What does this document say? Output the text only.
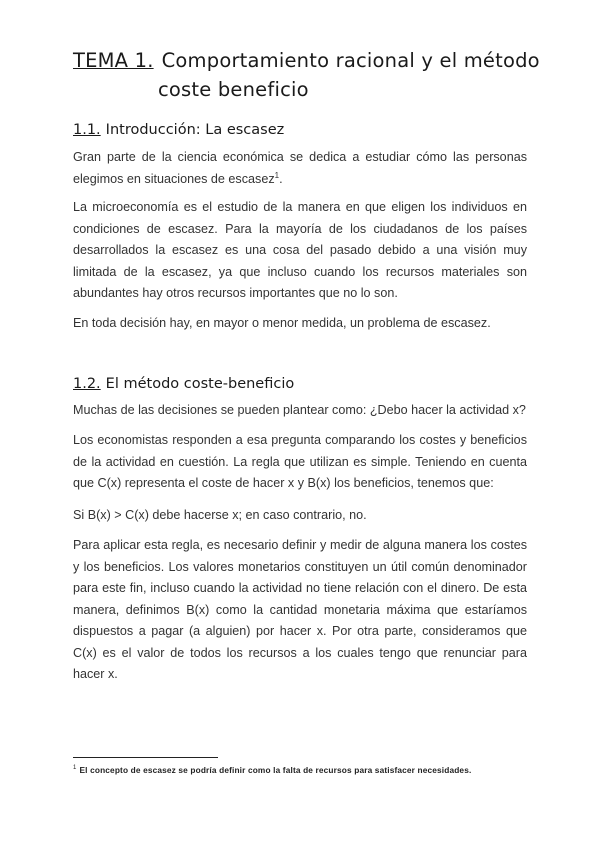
TEMA 1. Comportamiento racional y el método
coste beneficio
1.1. Introducción: La escasez

Gran parte de la ciencia económica se dedica a estudiar cómo las personas elegimos en situaciones de escasez$^1$.

La microeconomía es el estudio de la manera en que eligen los individuos en condiciones de escasez. Para la mayoría de los ciudadanos de los países desarrollados la escasez es una cosa del pasado debido a una visión muy limitada de la escasez, ya que incluso cuando los recursos materiales son abundantes hay otros recursos importantes que no lo son.

En toda decisión hay, en mayor o menor medida, un problema de escasez.

1.2. El método coste-beneficio

Muchas de las decisiones se pueden plantear como: ¿Debo hacer la actividad x?

Los economistas responden a esa pregunta comparando los costes y beneficios de la actividad en cuestión. La regla que utilizan es simple. Teniendo en cuenta que C(x) representa el coste de hacer x y B(x) los beneficios, tenemos que:

Si B(x) > C(x) debe hacerse x; en caso contrario, no.

Para aplicar esta regla, es necesario definir y medir de alguna manera los costes y los beneficios. Los valores monetarios constituyen un útil común denominador para este fin, incluso cuando la actividad no tiene relación con el dinero. De esta manera, definimos B(x) como la cantidad monetaria máxima que estaríamos dispuestos a pagar (a alguien) por hacer x. Por otra parte, consideramos que C(x) es el valor de todos los recursos a los cuales tengo que renunciar para hacer x.

$^1$ El concepto de escasez se podría definir como la falta de recursos para satisfacer necesidades.
